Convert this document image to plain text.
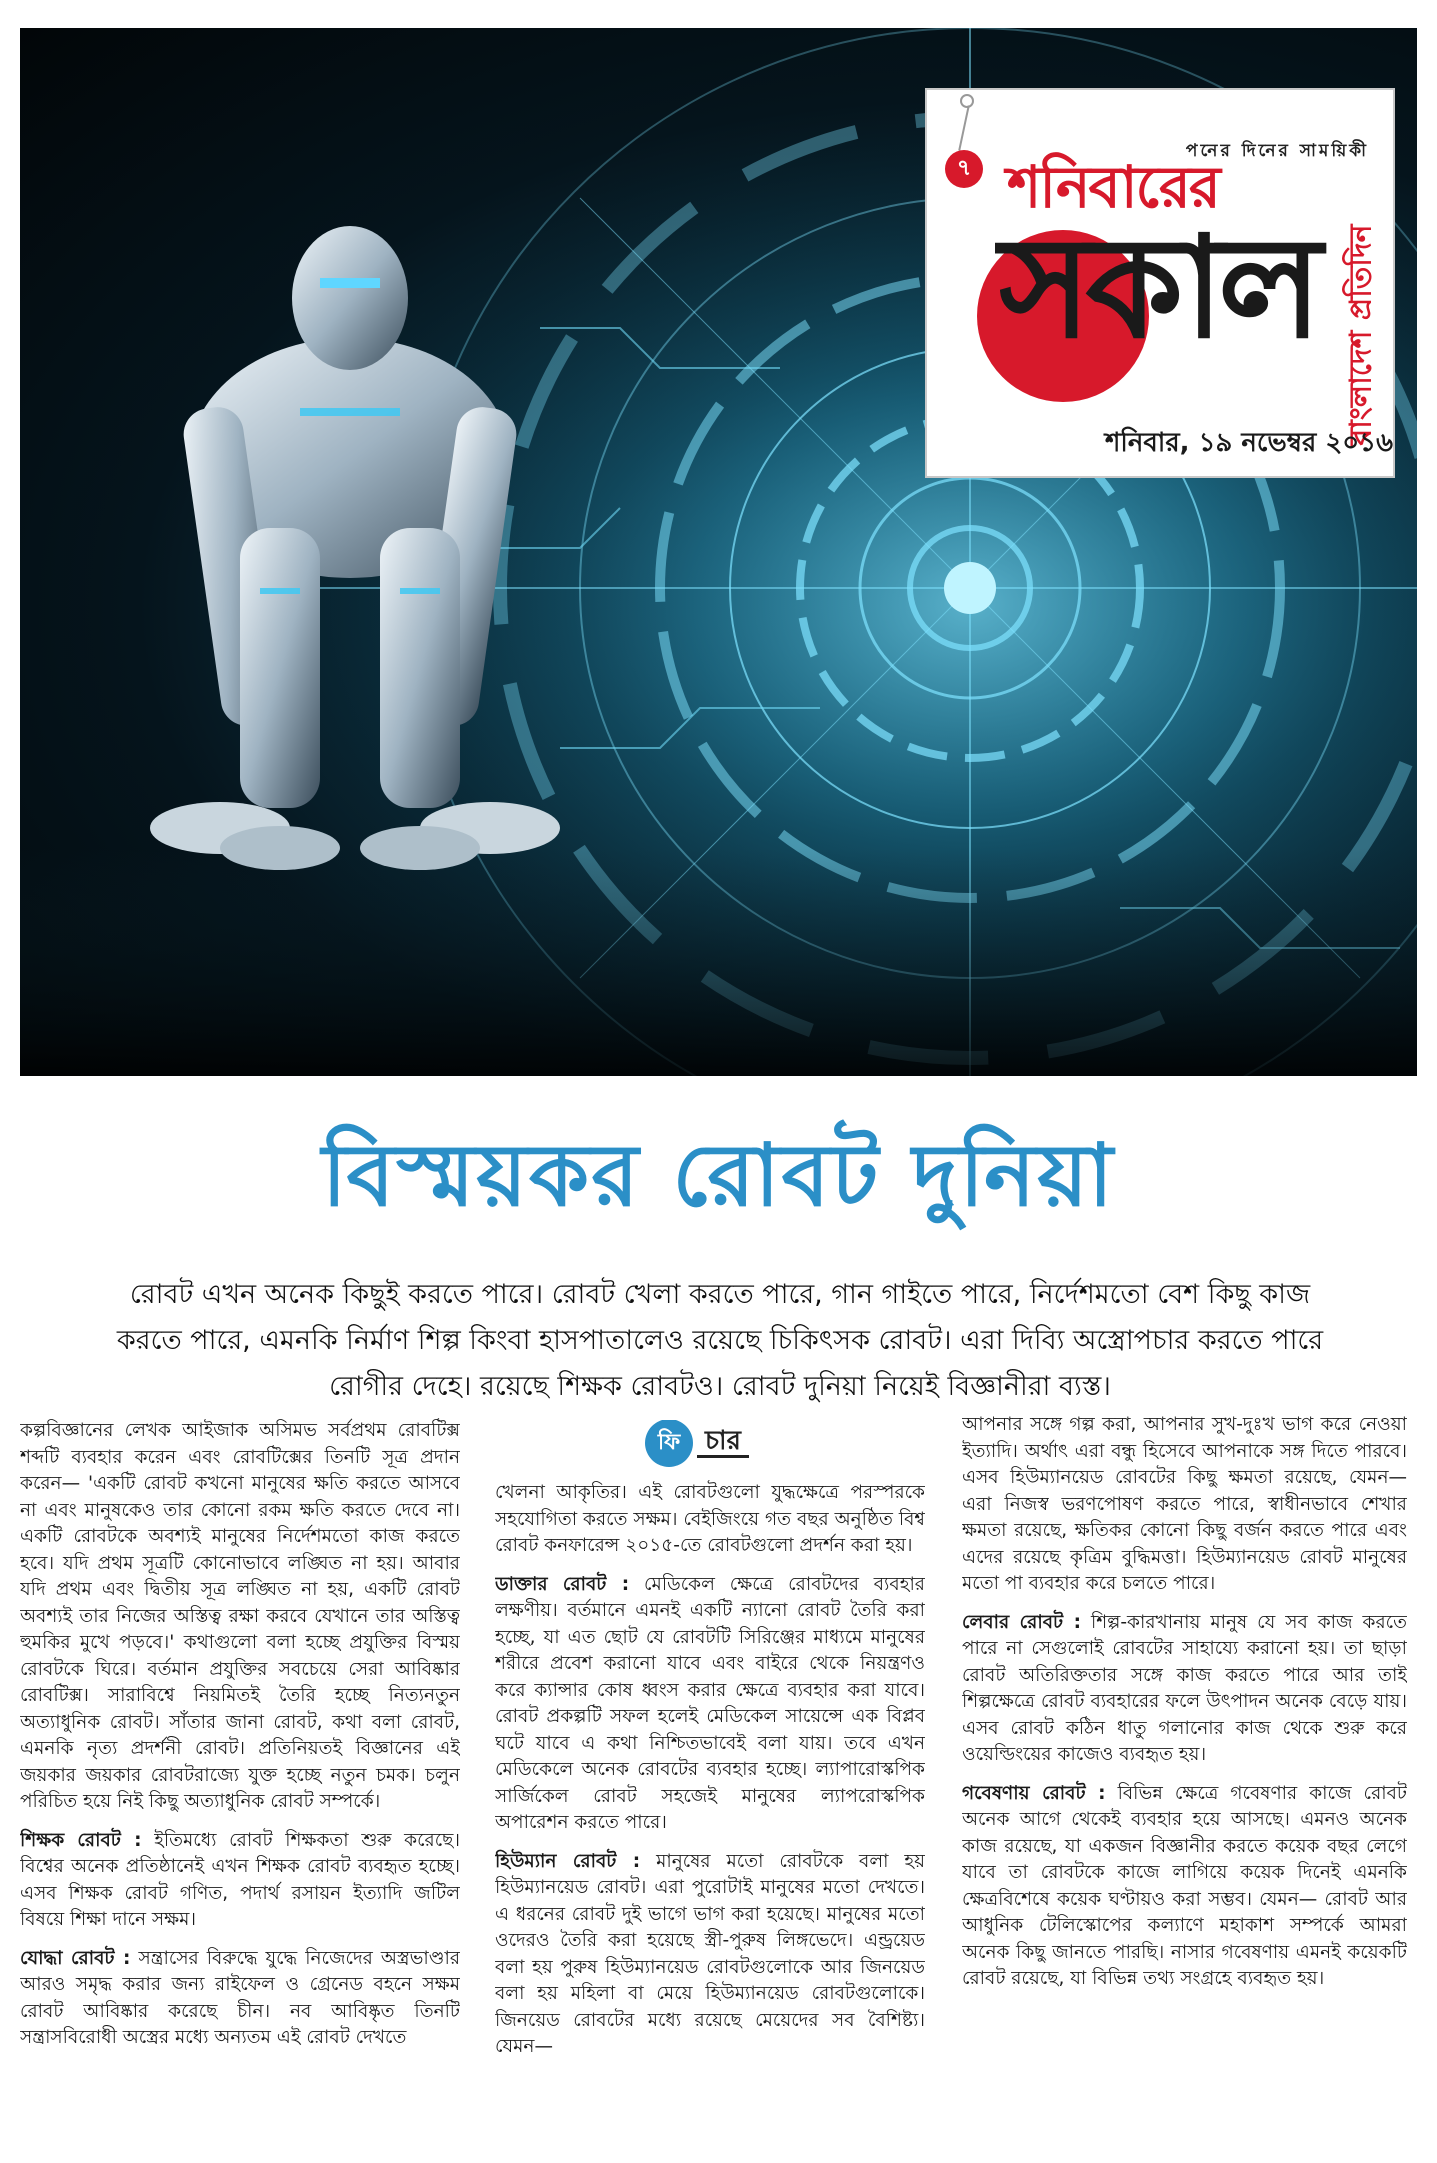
৭
পনের দিনের সাময়িকী
শনিবারের
সকাল বাংলাদেশ প্রতিদিন
শনিবার, ১৯ নভেম্বর ২০১৬
বিস্ময়কর রোবট দুনিয়া
রোবট এখন অনেক কিছুই করতে পারে। রোবট খেলা করতে পারে, গান গাইতে পারে, নির্দেশমতো বেশ কিছু কাজ করতে পারে, এমনকি নির্মাণ শিল্প কিংবা হাসপাতালেও রয়েছে চিকিৎসক রোবট। এরা দিব্যি অস্ত্রোপচার করতে পারে রোগীর দেহে। রয়েছে শিক্ষক রোবটও। রোবট দুনিয়া নিয়েই বিজ্ঞানীরা ব্যস্ত।

কল্পবিজ্ঞানের লেখক আইজাক অসিমভ সর্বপ্রথম রোবটিক্স শব্দটি ব্যবহার করেন এবং রোবটিক্সের তিনটি সূত্র প্রদান করেন— 'একটি রোবট কখনো মানুষের ক্ষতি করতে আসবে না এবং মানুষকেও তার কোনো রকম ক্ষতি করতে দেবে না। একটি রোবটকে অবশ্যই মানুষের নির্দেশমতো কাজ করতে হবে। যদি প্রথম সূত্রটি কোনোভাবে লঙ্ঘিত না হয়। আবার যদি প্রথম এবং দ্বিতীয় সূত্র লঙ্ঘিত না হয়, একটি রোবট অবশ্যই তার নিজের অস্তিত্ব রক্ষা করবে যেখানে তার অস্তিত্ব হুমকির মুখে পড়বে।' কথাগুলো বলা হচ্ছে প্রযুক্তির বিস্ময় রোবটকে ঘিরে। বর্তমান প্রযুক্তির সবচেয়ে সেরা আবিষ্কার রোবটিক্স। সারাবিশ্বে নিয়মিতই তৈরি হচ্ছে নিত্যনতুন অত্যাধুনিক রোবট। সাঁতার জানা রোবট, কথা বলা রোবট, এমনকি নৃত্য প্রদর্শনী রোবট। প্রতিনিয়তই বিজ্ঞানের এই জয়কার জয়কার রোবটরাজ্যে যুক্ত হচ্ছে নতুন চমক। চলুন পরিচিত হয়ে নিই কিছু অত্যাধুনিক রোবট সম্পর্কে।

শিক্ষক রোবট : ইতিমধ্যে রোবট শিক্ষকতা শুরু করেছে। বিশ্বের অনেক প্রতিষ্ঠানেই এখন শিক্ষক রোবট ব্যবহৃত হচ্ছে। এসব শিক্ষক রোবট গণিত, পদার্থ রসায়ন ইত্যাদি জটিল বিষয়ে শিক্ষা দানে সক্ষম।

যোদ্ধা রোবট : সন্ত্রাসের বিরুদ্ধে যুদ্ধে নিজেদের অস্ত্রভাণ্ডার আরও সমৃদ্ধ করার জন্য রাইফেল ও গ্রেনেড বহনে সক্ষম রোবট আবিষ্কার করেছে চীন। নব আবিষ্কৃত তিনটি সন্ত্রাসবিরোধী অস্ত্রের মধ্যে অন্যতম এই রোবট দেখতে

ফি চার

খেলনা আকৃতির। এই রোবটগুলো যুদ্ধক্ষেত্রে পরস্পরকে সহযোগিতা করতে সক্ষম। বেইজিংয়ে গত বছর অনুষ্ঠিত বিশ্ব রোবট কনফারেন্স ২০১৫-তে রোবটগুলো প্রদর্শন করা হয়।

ডাক্তার রোবট : মেডিকেল ক্ষেত্রে রোবটদের ব্যবহার লক্ষণীয়। বর্তমানে এমনই একটি ন্যানো রোবট তৈরি করা হচ্ছে, যা এত ছোট যে রোবটটি সিরিঞ্জের মাধ্যমে মানুষের শরীরে প্রবেশ করানো যাবে এবং বাইরে থেকে নিয়ন্ত্রণও করে ক্যান্সার কোষ ধ্বংস করার ক্ষেত্রে ব্যবহার করা যাবে। রোবট প্রকল্পটি সফল হলেই মেডিকেল সায়েন্সে এক বিপ্লব ঘটে যাবে এ কথা নিশ্চিতভাবেই বলা যায়। তবে এখন মেডিকেলে অনেক রোবটের ব্যবহার হচ্ছে। ল্যাপারোস্কপিক সার্জিকেল রোবট সহজেই মানুষের ল্যাপরোস্কপিক অপারেশন করতে পারে।

হিউম্যান রোবট : মানুষের মতো রোবটকে বলা হয় হিউম্যানয়েড রোবট। এরা পুরোটাই মানুষের মতো দেখতে। এ ধরনের রোবট দুই ভাগে ভাগ করা হয়েছে। মানুষের মতো ওদেরও তৈরি করা হয়েছে স্ত্রী-পুরুষ লিঙ্গভেদে। এন্ড্রয়েড বলা হয় পুরুষ হিউম্যানয়েড রোবটগুলোকে আর জিনয়েড বলা হয় মহিলা বা মেয়ে হিউম্যানয়েড রোবটগুলোকে। জিনয়েড রোবটের মধ্যে রয়েছে মেয়েদের সব বৈশিষ্ট্য। যেমন—

আপনার সঙ্গে গল্প করা, আপনার সুখ-দুঃখ ভাগ করে নেওয়া ইত্যাদি। অর্থাৎ এরা বন্ধু হিসেবে আপনাকে সঙ্গ দিতে পারবে। এসব হিউম্যানয়েড রোবটের কিছু ক্ষমতা রয়েছে, যেমন— এরা নিজস্ব ভরণপোষণ করতে পারে, স্বাধীনভাবে শেখার ক্ষমতা রয়েছে, ক্ষতিকর কোনো কিছু বর্জন করতে পারে এবং এদের রয়েছে কৃত্রিম বুদ্ধিমত্তা। হিউম্যানয়েড রোবট মানুষের মতো পা ব্যবহার করে চলতে পারে।

লেবার রোবট : শিল্প-কারখানায় মানুষ যে সব কাজ করতে পারে না সেগুলোই রোবটের সাহায্যে করানো হয়। তা ছাড়া রোবট অতিরিক্ততার সঙ্গে কাজ করতে পারে আর তাই শিল্পক্ষেত্রে রোবট ব্যবহারের ফলে উৎপাদন অনেক বেড়ে যায়। এসব রোবট কঠিন ধাতু গলানোর কাজ থেকে শুরু করে ওয়েল্ডিংয়ের কাজেও ব্যবহৃত হয়।

গবেষণায় রোবট : বিভিন্ন ক্ষেত্রে গবেষণার কাজে রোবট অনেক আগে থেকেই ব্যবহার হয়ে আসছে। এমনও অনেক কাজ রয়েছে, যা একজন বিজ্ঞানীর করতে কয়েক বছর লেগে যাবে তা রোবটকে কাজে লাগিয়ে কয়েক দিনেই এমনকি ক্ষেত্রবিশেষে কয়েক ঘণ্টায়ও করা সম্ভব। যেমন— রোবট আর আধুনিক টেলিস্কোপের কল্যাণে মহাকাশ সম্পর্কে আমরা অনেক কিছু জানতে পারছি। নাসার গবেষণায় এমনই কয়েকটি রোবট রয়েছে, যা বিভিন্ন তথ্য সংগ্রহে ব্যবহৃত হয়।
